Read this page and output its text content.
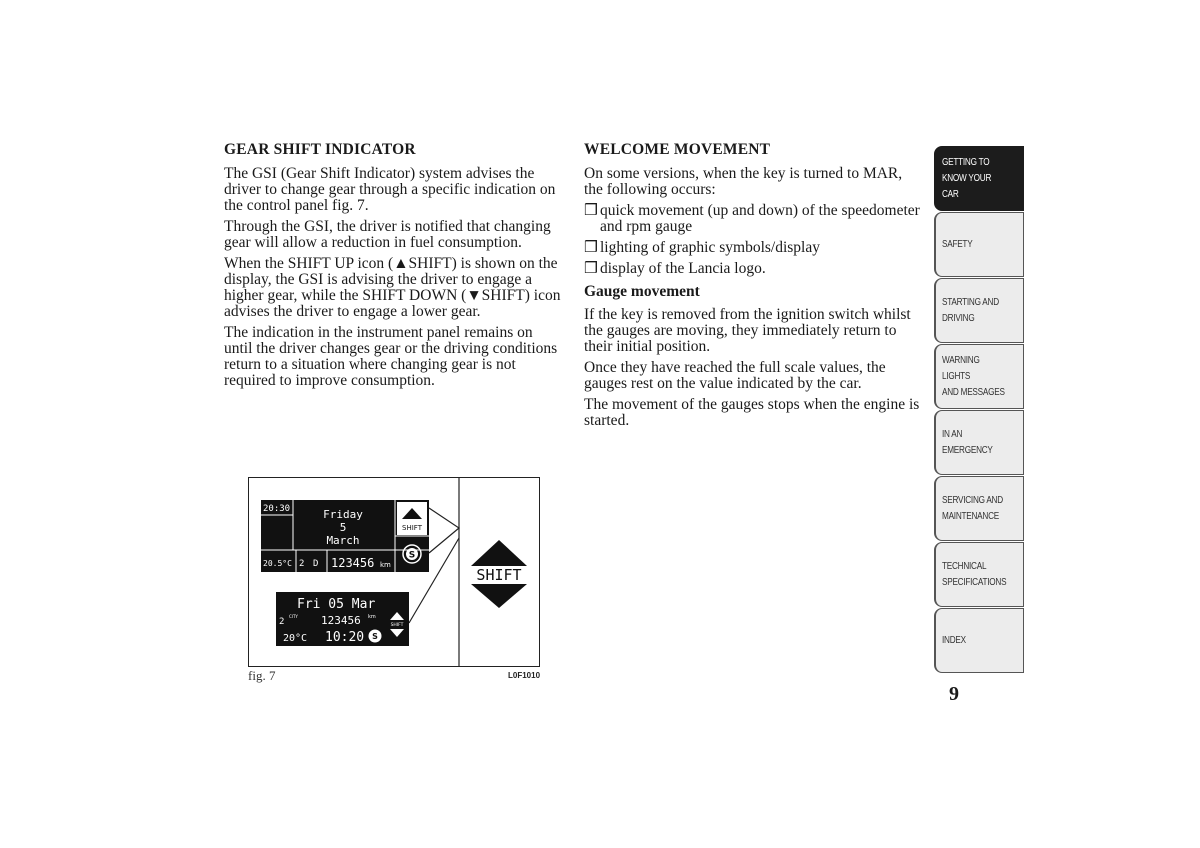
GEAR SHIFT INDICATOR

The GSI (Gear Shift Indicator) system advises the driver to change gear through a specific indication on the control panel fig. 7.

Through the GSI, the driver is notified that changing gear will allow a reduction in fuel consumption.

When the SHIFT UP icon (▲SHIFT) is shown on the display, the GSI is advising the driver to engage a higher gear, while the SHIFT DOWN (▼SHIFT) icon advises the driver to engage a lower gear.

The indication in the instrument panel remains on until the driver changes gear or the driving conditions return to a situation where changing gear is not required to improve consumption.

WELCOME MOVEMENT

On some versions, when the key is turned to MAR, the following occurs:

❒ quick movement (up and down) of the speedometer and rpm gauge
❒ lighting of graphic symbols/display
❒ display of the Lancia logo.
Gauge movement

If the key is removed from the ignition switch whilst the gauges are moving, they immediately return to their initial position.

Once they have reached the full scale values, the gauges rest on the value indicated by the car.

The movement of the gauges stops when the engine is started.

SHIFT
S
20:30	Friday
5
March
20.5°C 2 D 123456 km
Fri 05 Mar
2
CITY 123456 km
20°C 10:20 S
SHIFT
SHIFT
fig. 7	L0F1010
GETTING TO
KNOW YOUR CAR
SAFETY
STARTING AND
DRIVING
WARNING LIGHTS
AND MESSAGES
IN AN EMERGENCY
SERVICING AND
MAINTENANCE
TECHNICAL
SPECIFICATIONS
INDEX
9
